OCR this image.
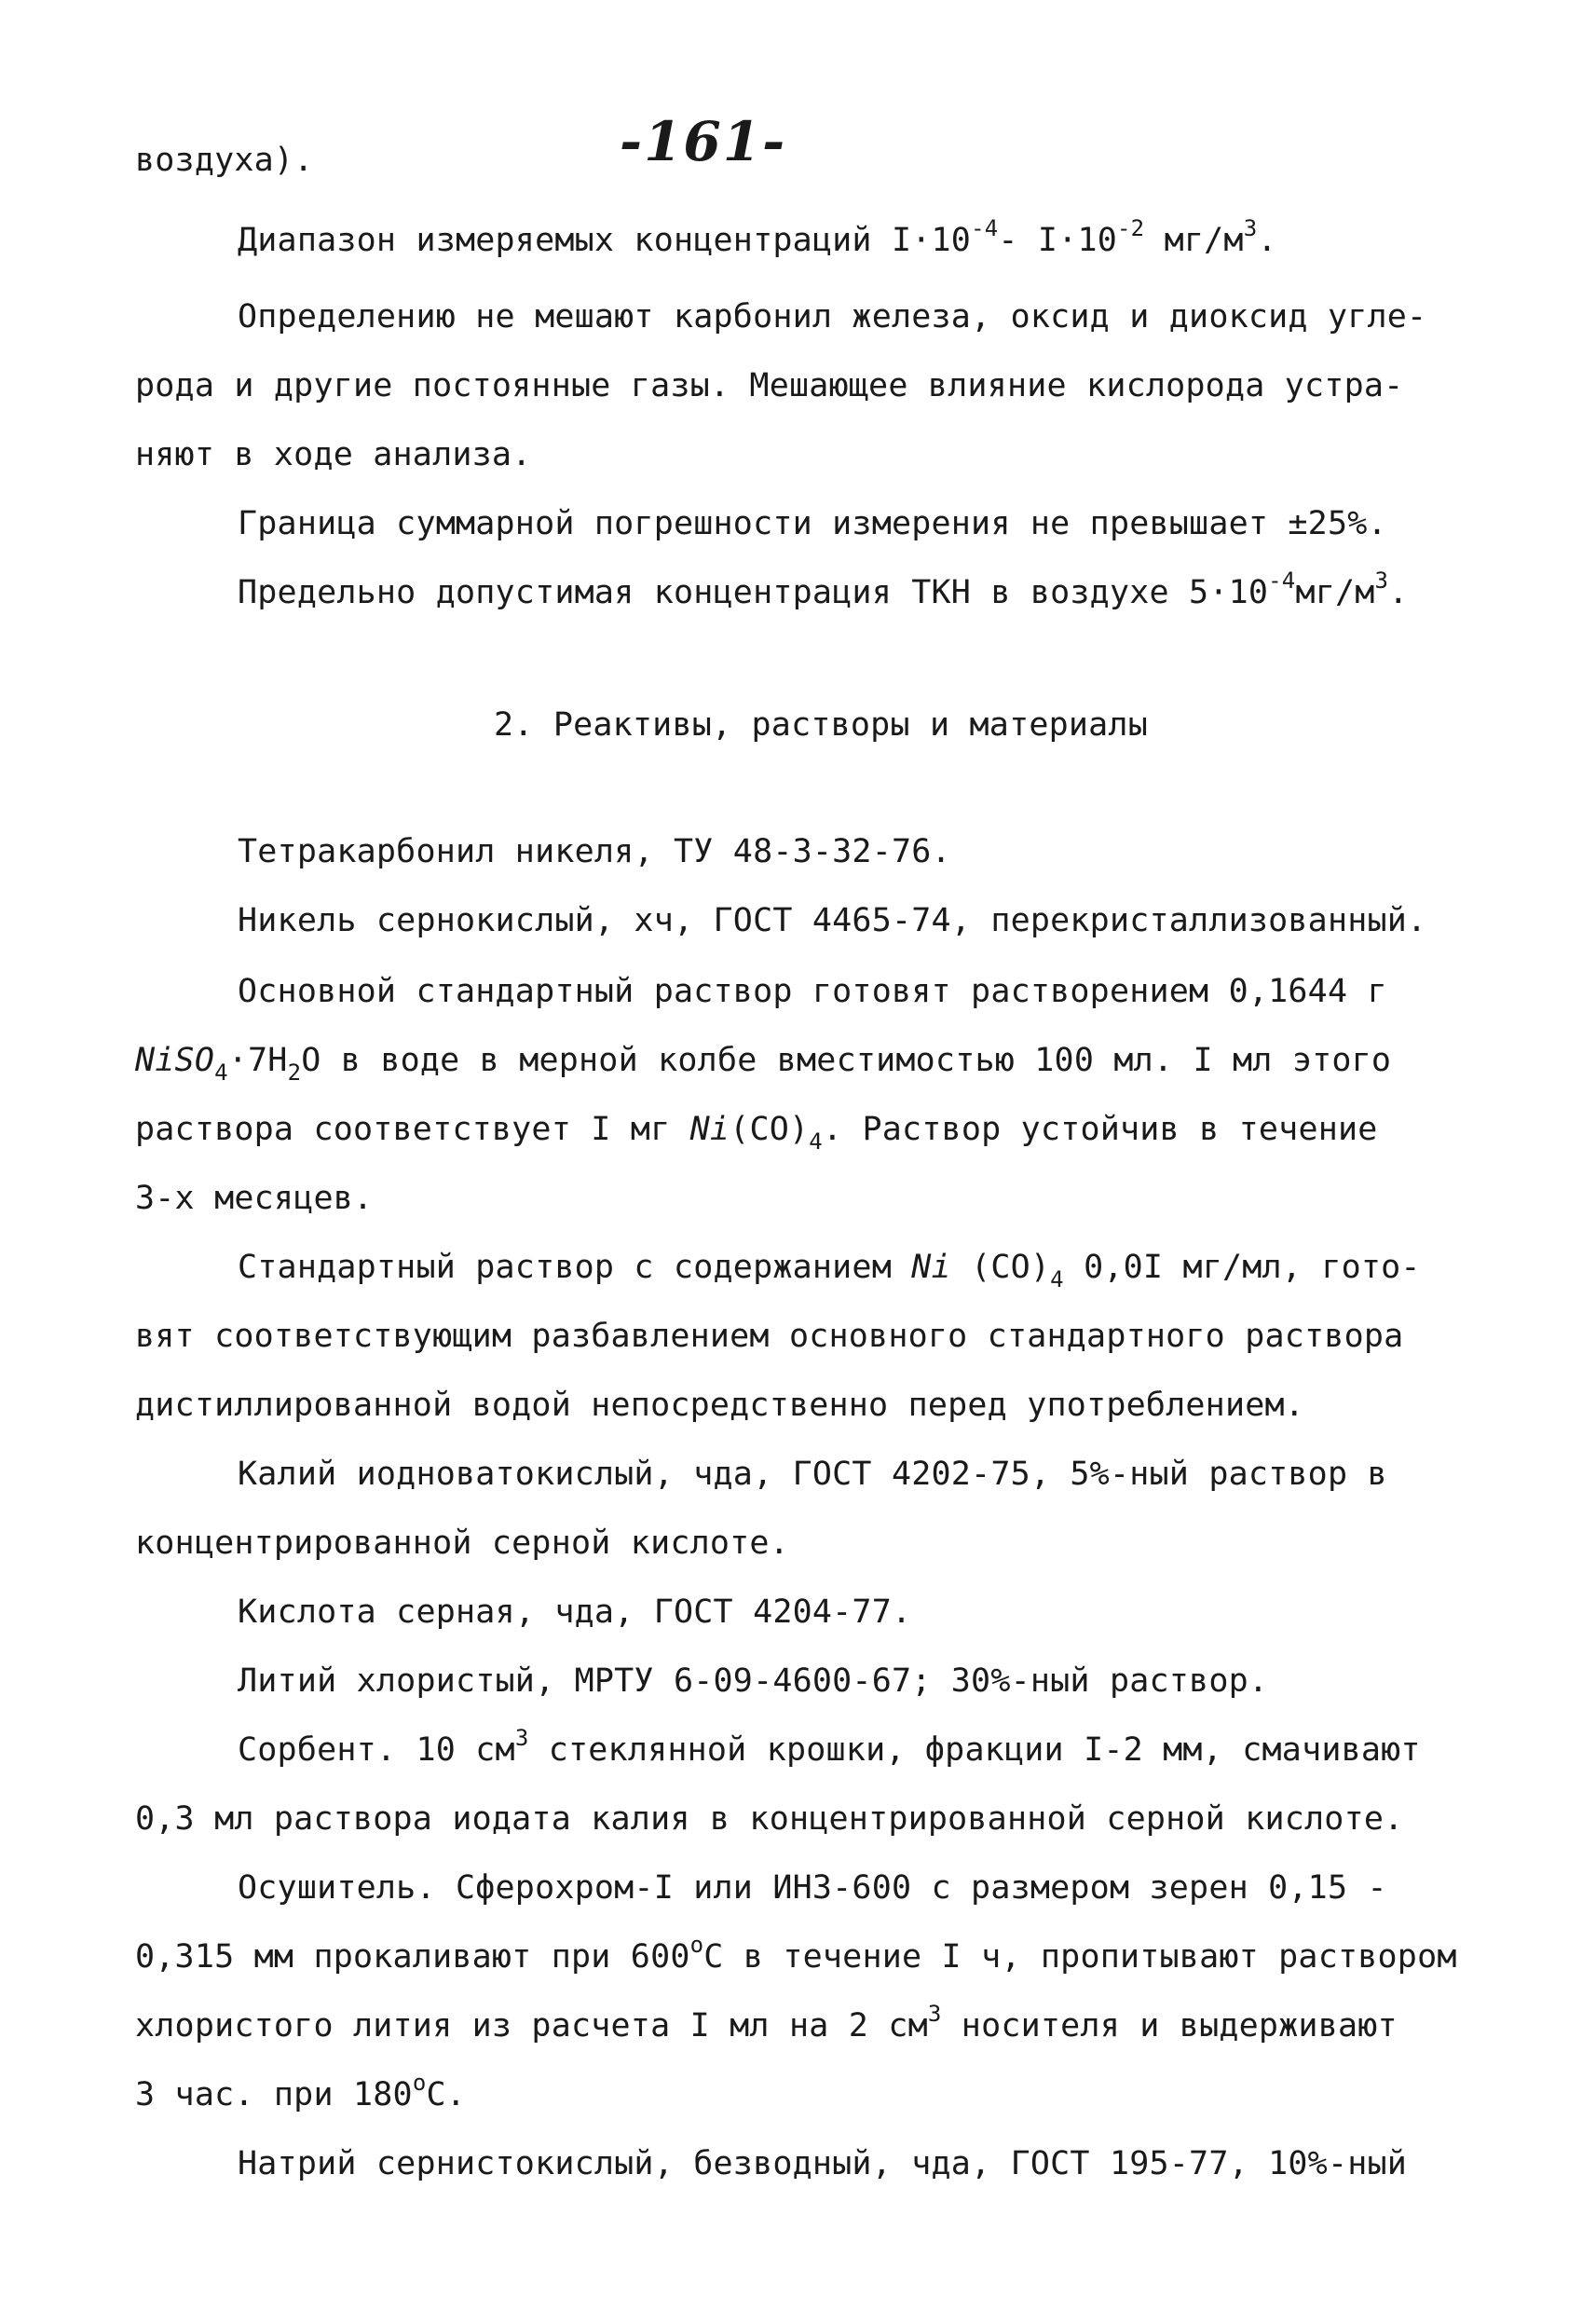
-161-
воздуха).
Диапазон измеряемых концентраций $I\cdot 10^{-4}-$ $I\cdot 10^{-2}$ $мг/м^3$.
Определению не мешают карбонил железа, оксид и диоксид угле-
рода и другие постоянные газы. Мешающее влияние кислорода устра-
няют в ходе анализа.
Граница суммарной погрешности измерения не превышает ±25%.
Предельно допустимая концентрация ТКН в воздухе $5\cdot 10^{-4}мг/м^3$.
2. Реактивы, растворы и материалы
Тетракарбонил никеля, ТУ 48-3-32-76.
Никель сернокислый, хч, ГОСТ 4465-74, перекристаллизованный.
Основной стандартный раствор готовят растворением 0,1644 г
$NiSO_4\cdot 7H_2O$ в воде в мерной колбе вместимостью 100 мл. I мл этого
раствора соответствует I мг $Ni(CO)_4$. Раствор устойчив в течение
3-х месяцев.
Стандартный раствор с содержанием Ni $(CO)_4$ 0,0I мг/мл, гото-
вят соответствующим разбавлением основного стандартного раствора
дистиллированной водой непосредственно перед употреблением.
Калий иодноватокислый, чда, ГОСТ 4202-75, 5%-ный раствор в
концентрированной серной кислоте.
Кислота серная, чда, ГОСТ 4204-77.
Литий хлористый, МРТУ 6-09-4600-67; 30%-ный раствор.
Сорбент. 10 $см^3$ стеклянной крошки, фракции I-2 мм, смачивают
0,3 мл раствора иодата калия в концентрированной серной кислоте.
Осушитель. Сферохром-I или ИНЗ-600 с размером зерен 0,15 -
0,315 мм прокаливают при 600$^o$С в течение I ч, пропитывают раствором
хлористого лития из расчета I мл на 2 $см^3$ носителя и выдерживают
3 час. при 180$^o$С.
Натрий сернистокислый, безводный, чда, ГОСТ 195-77, 10%-ный
